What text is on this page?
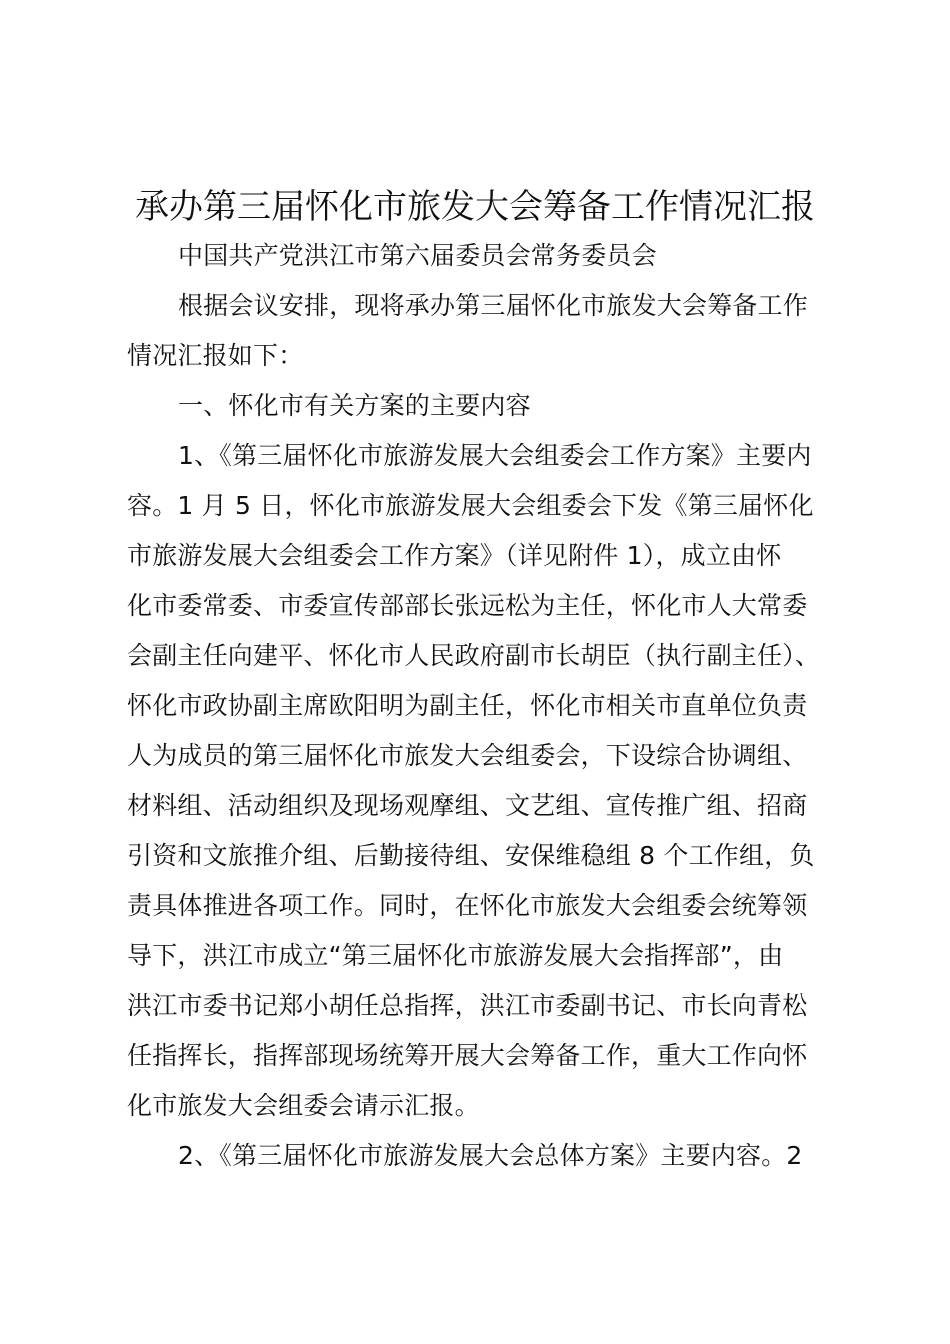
承办第三届怀化市旅发大会筹备工作情况汇报
中国共产党洪江市第六届委员会常务委员会
根据会议安排，现将承办第三届怀化市旅发大会筹备工作
情况汇报如下：
一、怀化市有关方案的主要内容
1、《第三届怀化市旅游发展大会组委会工作方案》主要内
容。1 月 5 日，怀化市旅游发展大会组委会下发《第三届怀化
市旅游发展大会组委会工作方案》（详见附件 1），成立由怀
化市委常委、市委宣传部部长张远松为主任，怀化市人大常委
会副主任向建平、怀化市人民政府副市长胡臣（执行副主任）、
怀化市政协副主席欧阳明为副主任，怀化市相关市直单位负责
人为成员的第三届怀化市旅发大会组委会，下设综合协调组、
材料组、活动组织及现场观摩组、文艺组、宣传推广组、招商
引资和文旅推介组、后勤接待组、安保维稳组 8 个工作组，负
责具体推进各项工作。同时，在怀化市旅发大会组委会统筹领
导下，洪江市成立“第三届怀化市旅游发展大会指挥部”，由
洪江市委书记郑小胡任总指挥，洪江市委副书记、市长向青松
任指挥长，指挥部现场统筹开展大会筹备工作，重大工作向怀
化市旅发大会组委会请示汇报。
2、《第三届怀化市旅游发展大会总体方案》主要内容。2
